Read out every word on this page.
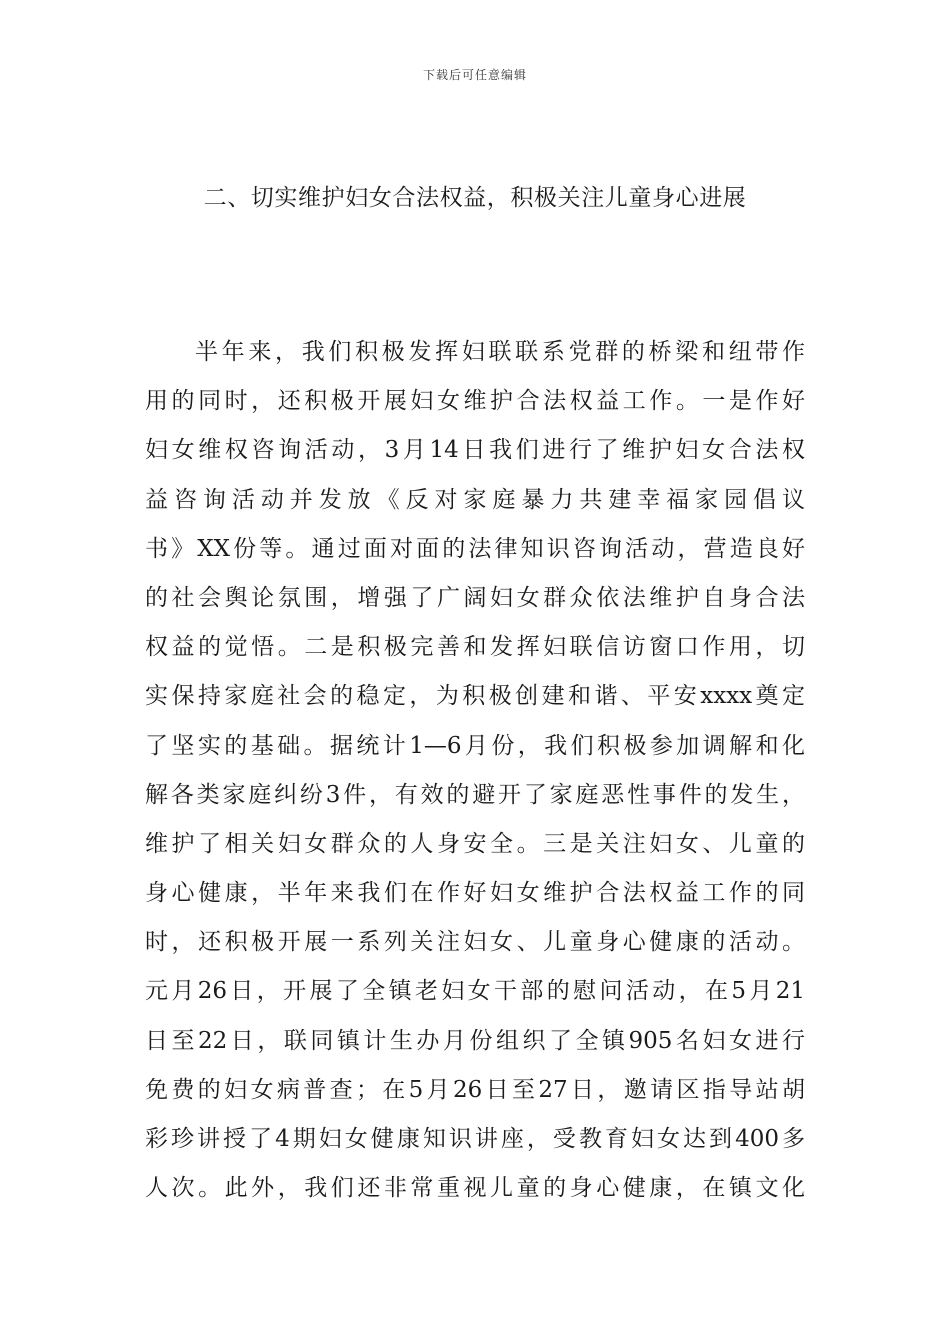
下载后可任意编辑
二、切实维护妇女合法权益，积极关注儿童身心进展
半年来，我们积极发挥妇联联系党群的桥梁和纽带作
用的同时，还积极开展妇女维护合法权益工作。一是作好
妇女维权咨询活动，3月14日我们进行了维护妇女合法权
益咨询活动并发放《反对家庭暴力共建幸福家园倡议
书》XX份等。通过面对面的法律知识咨询活动，营造良好
的社会舆论氛围，增强了广阔妇女群众依法维护自身合法
权益的觉悟。二是积极完善和发挥妇联信访窗口作用，切
实保持家庭社会的稳定，为积极创建和谐、平安xxxx奠定
了坚实的基础。据统计1—6月份，我们积极参加调解和化
解各类家庭纠纷3件，有效的避开了家庭恶性事件的发生，
维护了相关妇女群众的人身安全。三是关注妇女、儿童的
身心健康，半年来我们在作好妇女维护合法权益工作的同
时，还积极开展一系列关注妇女、儿童身心健康的活动。
元月26日，开展了全镇老妇女干部的慰问活动，在5月21
日至22日，联同镇计生办月份组织了全镇905名妇女进行
免费的妇女病普查；在5月26日至27日，邀请区指导站胡
彩珍讲授了4期妇女健康知识讲座，受教育妇女达到400多
人次。此外，我们还非常重视儿童的身心健康，在镇文化
